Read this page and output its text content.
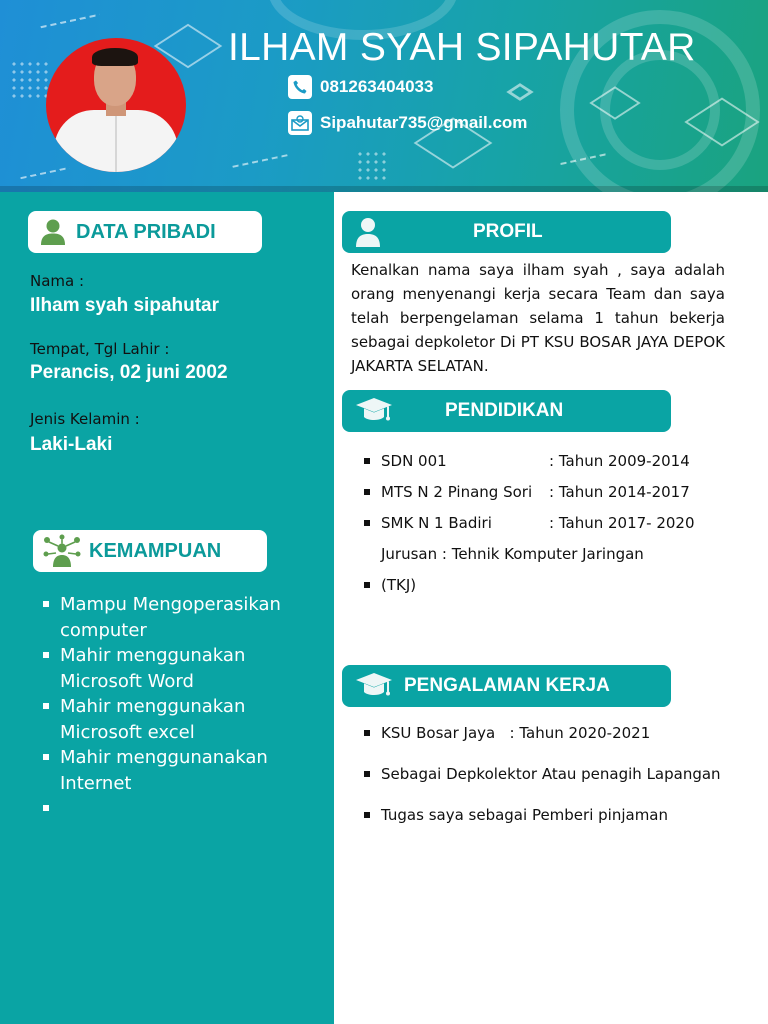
ILHAM SYAH SIPAHUTAR
081263404033
Sipahutar735@gmail.com
DATA PRIBADI
Nama :
Ilham syah sipahutar
Tempat, Tgl Lahir :
Perancis, 02 juni 2002
Jenis Kelamin :
Laki-Laki
KEMAMPUAN
Mampu Mengoperasikan computer
Mahir menggunakan Microsoft Word
Mahir menggunakan Microsoft excel
Mahir menggunanakan Internet
PROFIL
Kenalkan nama saya ilham syah , saya adalah orang menyenangi kerja secara Team dan saya telah berpengelaman selama 1 tahun bekerja sebagai depkoletor Di PT KSU BOSAR JAYA DEPOK JAKARTA SELATAN.
PENDIDIKAN
SDN 001	: Tahun 2009-2014
MTS N 2 Pinang Sori : Tahun 2014-2017
SMK N 1 Badiri	: Tahun 2017- 2020
Jurusan : Tehnik Komputer Jaringan
(TKJ)
PENGALAMAN KERJA
KSU Bosar Jaya   : Tahun 2020-2021
Sebagai Depkolektor Atau penagih Lapangan
Tugas saya sebagai Pemberi pinjaman
